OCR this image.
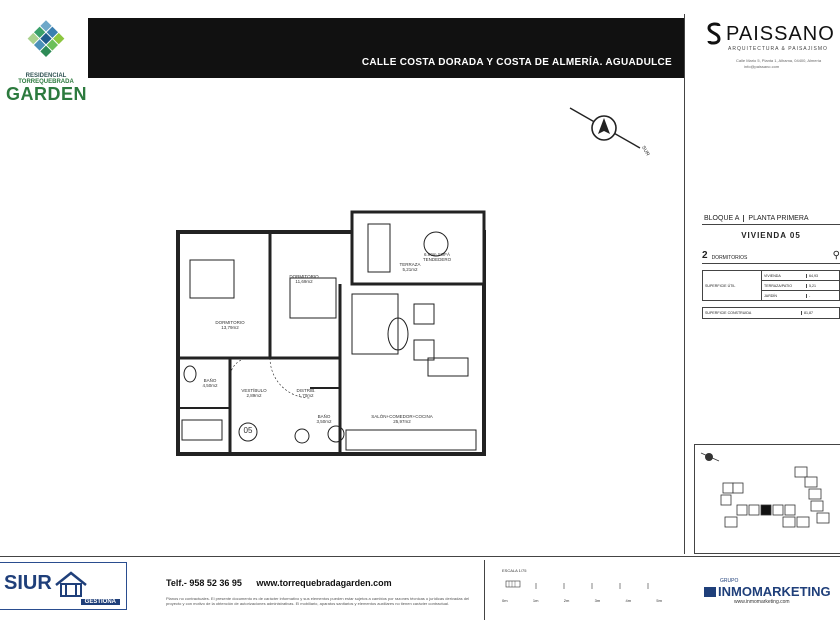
RESIDENCIAL
TORREQUEBRADA
GARDEN
CALLE COSTA DORADA Y COSTA DE ALMERÍA. AGUADULCE
PAISSANO
ARQUITECTURA & PAISAJISMO
Calle Mario 5, Planta 1, Alhama, 04400, Almería
info@paissano.com
SUR
BLOQUE A	PLANTA PRIMERA
VIVIENDA 05
2 DORMITORIOS	⚲
SUPERFICIE ÚTIL
VIVIENDA	64,93
TERRAZA/PATIO	5,21
JARDÍN	-
SUPERFICIE CONSTRUIDA	81,87
05
DORMITORIO
13,79m2
DORMITORIO
11,69m2
TERRAZA
5,21m2
6.90m SOFÁ
TENDEDERO
BAÑO
4,50m2
VESTÍBULO
2,89m2
DISTRIB.
1,70m2
BAÑO
3,50m2
SALÓN+COMEDOR+COCINA
25,97m2
SIUR
GESTIONA
Telf.- 958 52 36 95 www.torrequebradagarden.com
Planos no contractuales. El presente documento es de carácter informativo y sus elementos pueden estar sujetos a cambios por razones técnicas o jurídicas derivadas del proyecto y con motivo de la obtención de autorizaciones administrativas. El mobiliario, aparatos sanitarios y elementos auxiliares no tienen carácter contractual.
ESCALA 1/75
0m	1m	2m	3m	4m	5m
GRUPO
INMOMARKETING
www.inmomarketing.com
